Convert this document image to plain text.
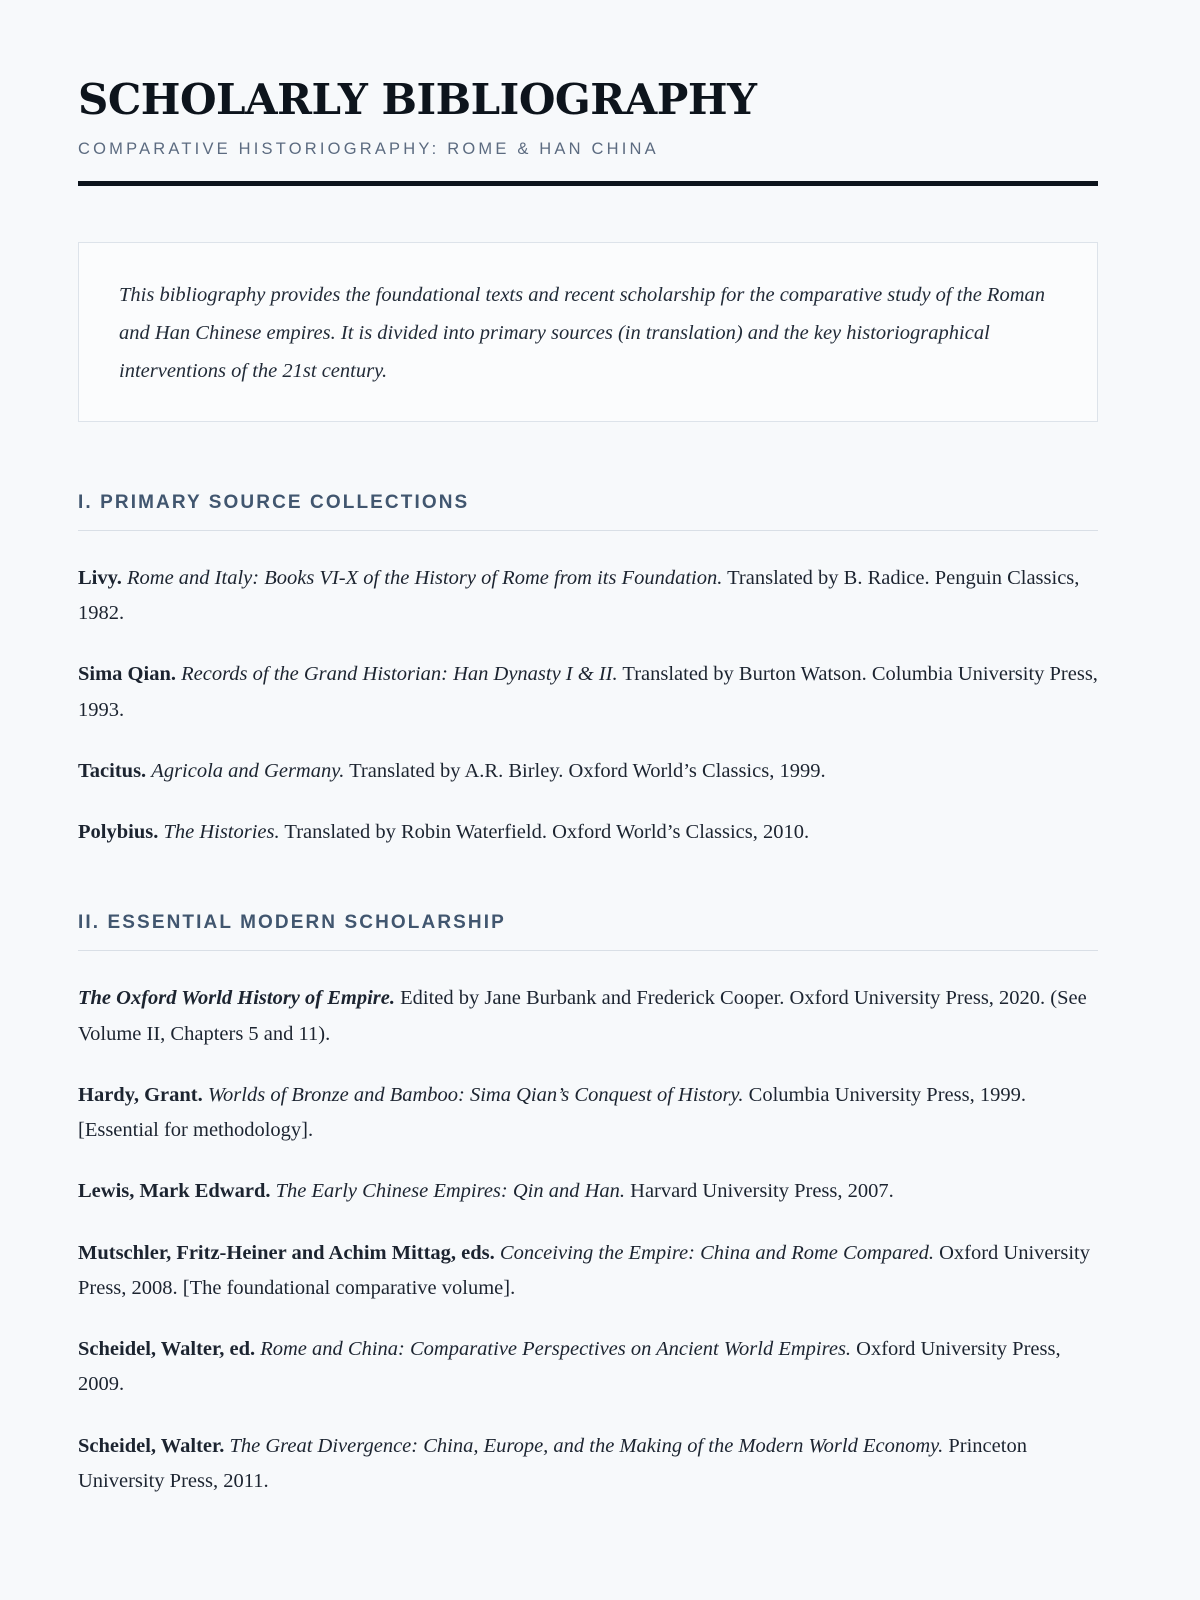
SCHOLARLY BIBLIOGRAPHY
COMPARATIVE HISTORIOGRAPHY: ROME & HAN CHINA

This bibliography provides the foundational texts and recent scholarship for the comparative study of the Roman and Han Chinese empires. It is divided into primary sources (in translation) and the key historiographical interventions of the 21st century.

I. PRIMARY SOURCE COLLECTIONS

Livy. Rome and Italy: Books VI-X of the History of Rome from its Foundation. Translated by B. Radice. Penguin Classics, 1982.

Sima Qian. Records of the Grand Historian: Han Dynasty I & II. Translated by Burton Watson. Columbia University Press, 1993.

Tacitus. Agricola and Germany. Translated by A.R. Birley. Oxford World’s Classics, 1999.

Polybius. The Histories. Translated by Robin Waterfield. Oxford World’s Classics, 2010.

II. ESSENTIAL MODERN SCHOLARSHIP

The Oxford World History of Empire. Edited by Jane Burbank and Frederick Cooper. Oxford University Press, 2020. (See Volume II, Chapters 5 and 11).

Hardy, Grant. Worlds of Bronze and Bamboo: Sima Qian’s Conquest of History. Columbia University Press, 1999. [Essential for methodology].

Lewis, Mark Edward. The Early Chinese Empires: Qin and Han. Harvard University Press, 2007.

Mutschler, Fritz-Heiner and Achim Mittag, eds. Conceiving the Empire: China and Rome Compared. Oxford University Press, 2008. [The foundational comparative volume].

Scheidel, Walter, ed. Rome and China: Comparative Perspectives on Ancient World Empires. Oxford University Press, 2009.

Scheidel, Walter. The Great Divergence: China, Europe, and the Making of the Modern World Economy. Princeton University Press, 2011.
